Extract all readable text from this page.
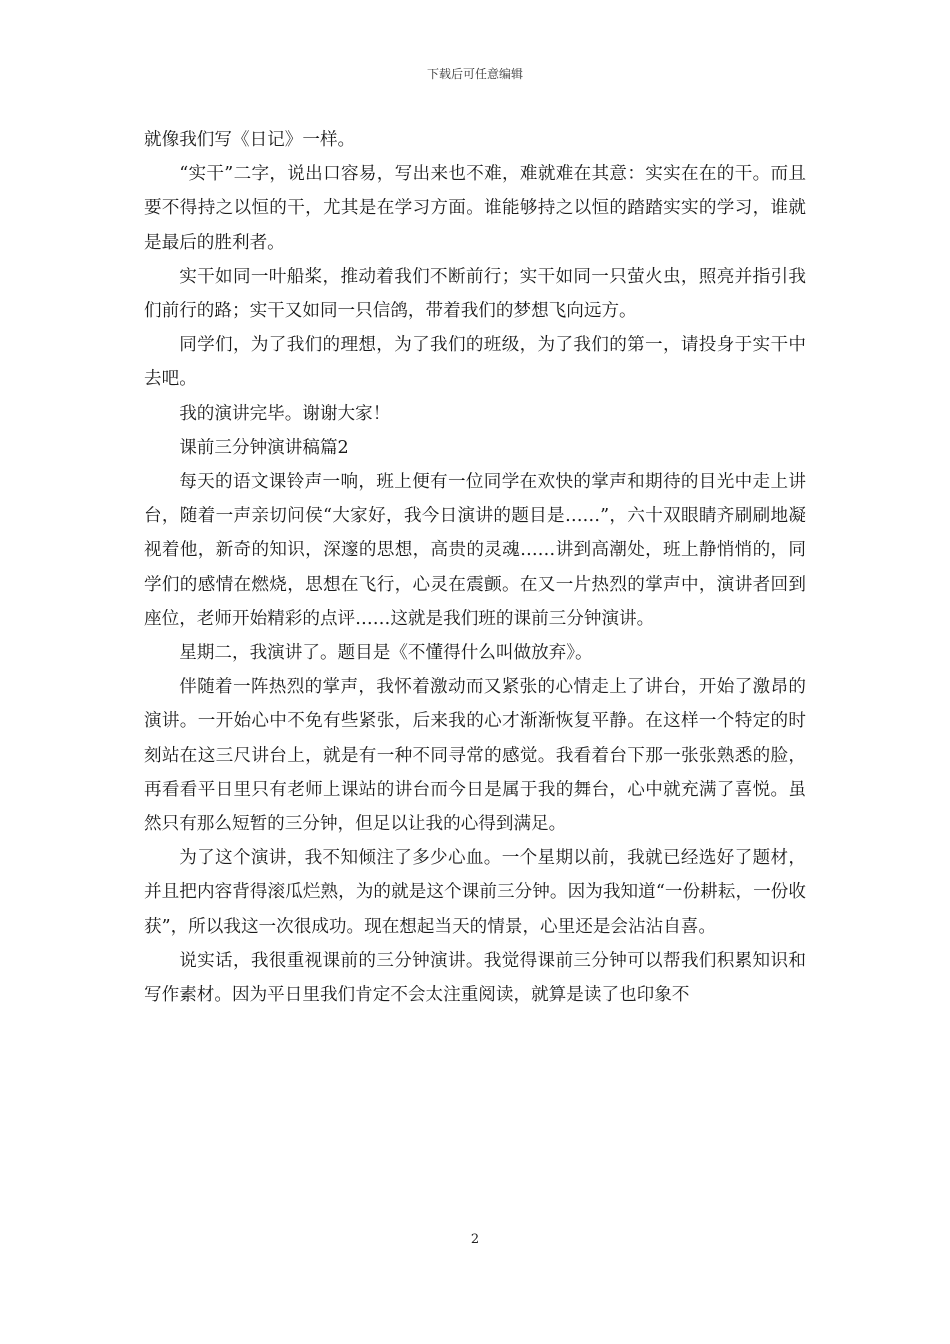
下载后可任意编辑

就像我们写《日记》一样。

“实干”二字，说出口容易，写出来也不难，难就难在其意：实实在在的干。而且要不得持之以恒的干，尤其是在学习方面。谁能够持之以恒的踏踏实实的学习，谁就是最后的胜利者。

实干如同一叶船桨，推动着我们不断前行；实干如同一只萤火虫，照亮并指引我们前行的路；实干又如同一只信鸽，带着我们的梦想飞向远方。

同学们，为了我们的理想，为了我们的班级，为了我们的第一，请投身于实干中去吧。

我的演讲完毕。谢谢大家！

课前三分钟演讲稿篇2

每天的语文课铃声一响，班上便有一位同学在欢快的掌声和期待的目光中走上讲台，随着一声亲切问侯“大家好，我今日演讲的题目是……”，六十双眼睛齐刷刷地凝视着他，新奇的知识，深邃的思想，高贵的灵魂……讲到高潮处，班上静悄悄的，同学们的感情在燃烧，思想在飞行，心灵在震颤。在又一片热烈的掌声中，演讲者回到座位，老师开始精彩的点评……这就是我们班的课前三分钟演讲。

星期二，我演讲了。题目是《不懂得什么叫做放弃》。

伴随着一阵热烈的掌声，我怀着激动而又紧张的心情走上了讲台，开始了激昂的演讲。一开始心中不免有些紧张，后来我的心才渐渐恢复平静。在这样一个特定的时刻站在这三尺讲台上，就是有一种不同寻常的感觉。我看着台下那一张张熟悉的脸，再看看平日里只有老师上课站的讲台而今日是属于我的舞台，心中就充满了喜悦。虽然只有那么短暂的三分钟，但足以让我的心得到满足。

为了这个演讲，我不知倾注了多少心血。一个星期以前，我就已经选好了题材，并且把内容背得滚瓜烂熟，为的就是这个课前三分钟。因为我知道“一份耕耘，一份收获”，所以我这一次很成功。现在想起当天的情景，心里还是会沾沾自喜。

说实话，我很重视课前的三分钟演讲。我觉得课前三分钟可以帮我们积累知识和写作素材。因为平日里我们肯定不会太注重阅读，就算是读了也印象不

2
